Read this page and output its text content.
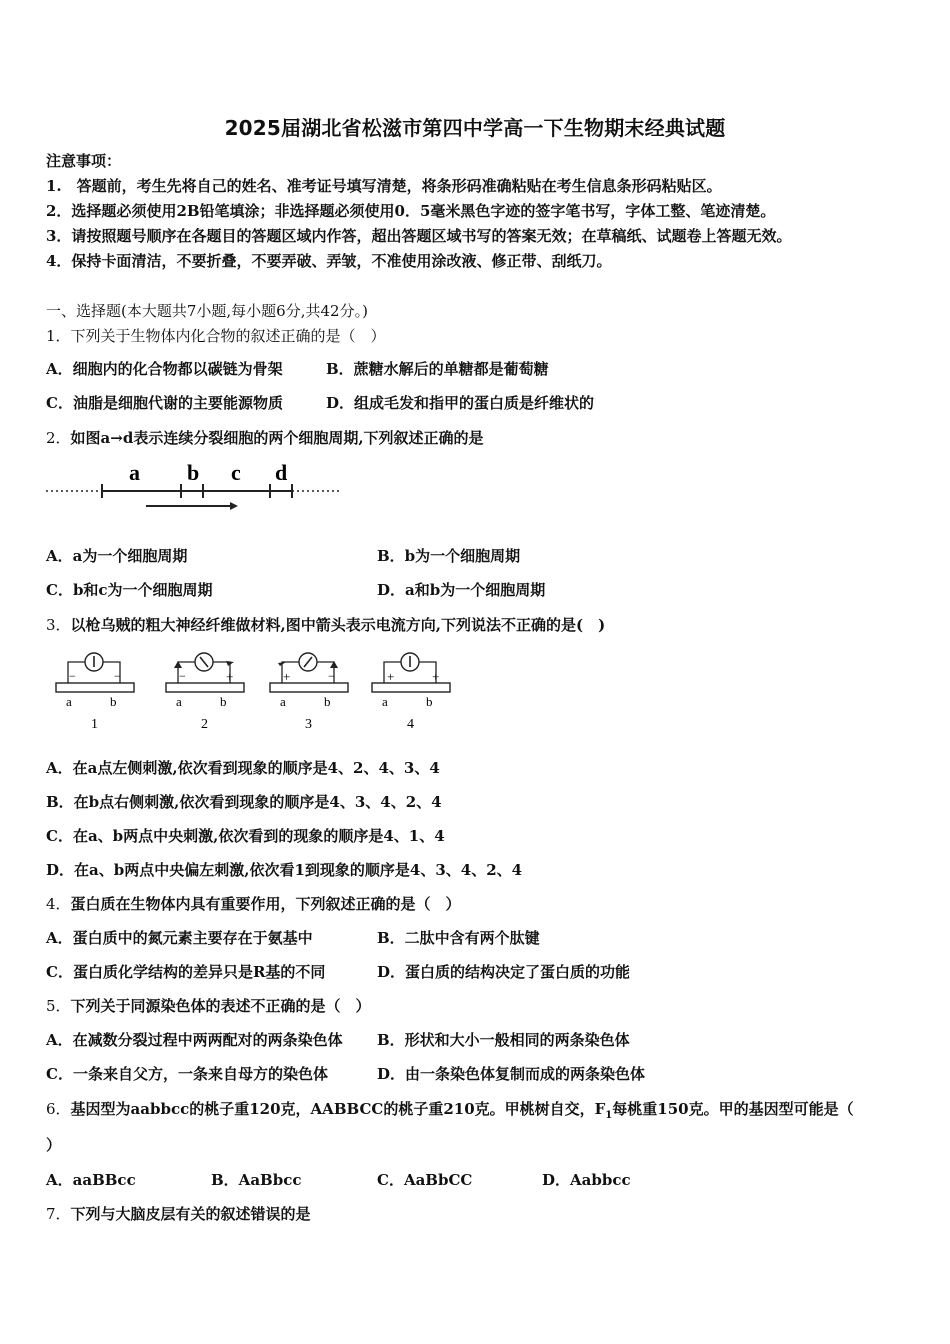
2025届湖北省松滋市第四中学高一下生物期末经典试题
注意事项：
1.　答题前，考生先将自己的姓名、准考证号填写清楚，将条形码准确粘贴在考生信息条形码粘贴区。
2．选择题必须使用2B铅笔填涂；非选择题必须使用0．5毫米黑色字迹的签字笔书写，字体工整、笔迹清楚。
3．请按照题号顺序在各题目的答题区域内作答，超出答题区域书写的答案无效；在草稿纸、试题卷上答题无效。
4．保持卡面清洁，不要折叠，不要弄破、弄皱，不准使用涂改液、修正带、刮纸刀。
一、选择题(本大题共7小题,每小题6分,共42分。)
1．下列关于生物体内化合物的叙述正确的是（　）
A．细胞内的化合物都以碳链为骨架	B．蔗糖水解后的单糖都是葡萄糖
C．油脂是细胞代谢的主要能源物质	D．组成毛发和指甲的蛋白质是纤维状的
2．如图a→d表示连续分裂细胞的两个细胞周期,下列叙述正确的是
a b c d
A．a为一个细胞周期	B．b为一个细胞周期
C．b和c为一个细胞周期	D．a和b为一个细胞周期
3．以枪乌贼的粗大神经纤维做材料,图中箭头表示电流方向,下列说法不正确的是(　)
−	−
a	b
1
−	+
a	b
2
+	−
a	b
3
+	+
a	b
4
A．在a点左侧刺激,依次看到现象的顺序是4、2、4、3、4
B．在b点右侧刺激,依次看到现象的顺序是4、3、4、2、4
C．在a、b两点中央刺激,依次看到的现象的顺序是4、1、4
D．在a、b两点中央偏左刺激,依次看1到现象的顺序是4、3、4、2、4
4．蛋白质在生物体内具有重要作用，下列叙述正确的是（　）
A．蛋白质中的氮元素主要存在于氨基中	B．二肽中含有两个肽键
C．蛋白质化学结构的差异只是R基的不同	D．蛋白质的结构决定了蛋白质的功能
5．下列关于同源染色体的表述不正确的是（　）
A．在减数分裂过程中两两配对的两条染色体 B．形状和大小一般相同的两条染色体
C．一条来自父方，一条来自母方的染色体	D．由一条染色体复制而成的两条染色体
6．基因型为aabbcc的桃子重120克，AABBCC的桃子重210克。甲桃树自交，$F_1$每桃重150克。甲的基因型可能是（
）
A．aaBBcc	B．AaBbcc	C．AaBbCC	D．Aabbcc
7．下列与大脑皮层有关的叙述错误的是
